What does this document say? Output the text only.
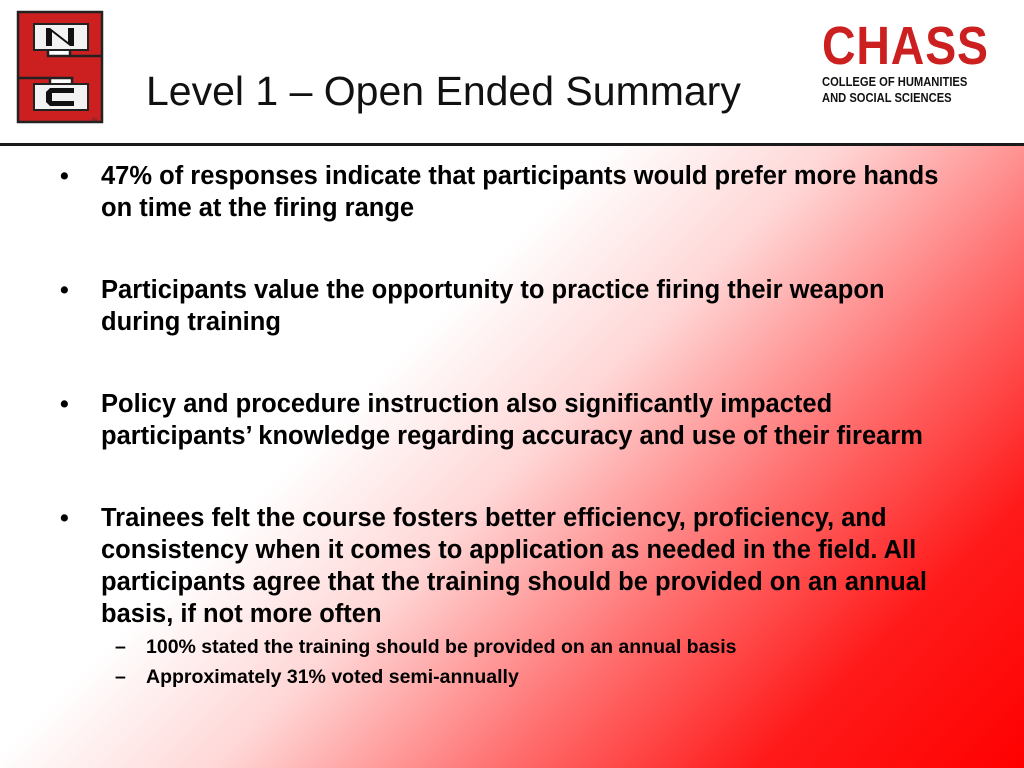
®
Level 1 – Open Ended Summary
CHASS
COLLEGE OF HUMANITIES
AND SOCIAL SCIENCES
• 47% of responses indicate that participants would prefer more hands on time at the firing range
• Participants value the opportunity to practice firing their weapon during training
• Policy and procedure instruction also significantly impacted participants’ knowledge regarding accuracy and use of their firearm
• Trainees felt the course fosters better efficiency, proficiency, and consistency when it comes to application as needed in the field. All participants agree that the training should be provided on an annual basis, if not more often
– 100% stated the training should be provided on an annual basis
– Approximately 31% voted semi-annually
